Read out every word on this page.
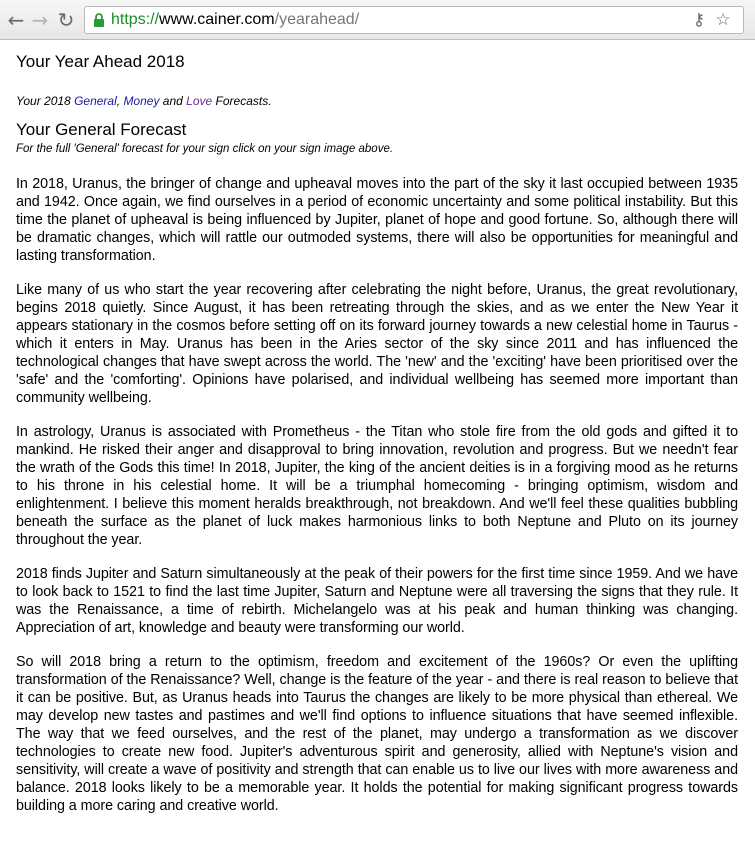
← → ↻ https://www.cainer.com/yearahead/	⚷ ☆
Your Year Ahead 2018

Your 2018 General, Money and Love Forecasts.

Your General Forecast

For the full 'General' forecast for your sign click on your sign image above.

In 2018, Uranus, the bringer of change and upheaval moves into the part of the sky it last occupied between 1935 and 1942. Once again, we find ourselves in a period of economic uncertainty and some political instability. But this time the planet of upheaval is being influenced by Jupiter, planet of hope and good fortune. So, although there will be dramatic changes, which will rattle our outmoded systems, there will also be opportunities for meaningful and lasting transformation.

Like many of us who start the year recovering after celebrating the night before, Uranus, the great revolutionary, begins 2018 quietly. Since August, it has been retreating through the skies, and as we enter the New Year it appears stationary in the cosmos before setting off on its forward journey towards a new celestial home in Taurus - which it enters in May. Uranus has been in the Aries sector of the sky since 2011 and has influenced the technological changes that have swept across the world. The 'new' and the 'exciting' have been prioritised over the 'safe' and the 'comforting'. Opinions have polarised, and individual wellbeing has seemed more important than community wellbeing.

In astrology, Uranus is associated with Prometheus - the Titan who stole fire from the old gods and gifted it to mankind. He risked their anger and disapproval to bring innovation, revolution and progress. But we needn't fear the wrath of the Gods this time! In 2018, Jupiter, the king of the ancient deities is in a forgiving mood as he returns to his throne in his celestial home. It will be a triumphal homecoming - bringing optimism, wisdom and enlightenment. I believe this moment heralds breakthrough, not breakdown. And we'll feel these qualities bubbling beneath the surface as the planet of luck makes harmonious links to both Neptune and Pluto on its journey throughout the year.

2018 finds Jupiter and Saturn simultaneously at the peak of their powers for the first time since 1959. And we have to look back to 1521 to find the last time Jupiter, Saturn and Neptune were all traversing the signs that they rule. It was the Renaissance, a time of rebirth. Michelangelo was at his peak and human thinking was changing. Appreciation of art, knowledge and beauty were transforming our world.

So will 2018 bring a return to the optimism, freedom and excitement of the 1960s? Or even the uplifting transformation of the Renaissance? Well, change is the feature of the year - and there is real reason to believe that it can be positive. But, as Uranus heads into Taurus the changes are likely to be more physical than ethereal. We may develop new tastes and pastimes and we'll find options to influence situations that have seemed inflexible. The way that we feed ourselves, and the rest of the planet, may undergo a transformation as we discover technologies to create new food. Jupiter's adventurous spirit and generosity, allied with Neptune's vision and sensitivity, will create a wave of positivity and strength that can enable us to live our lives with more awareness and balance. 2018 looks likely to be a memorable year. It holds the potential for making significant progress towards building a more caring and creative world.
